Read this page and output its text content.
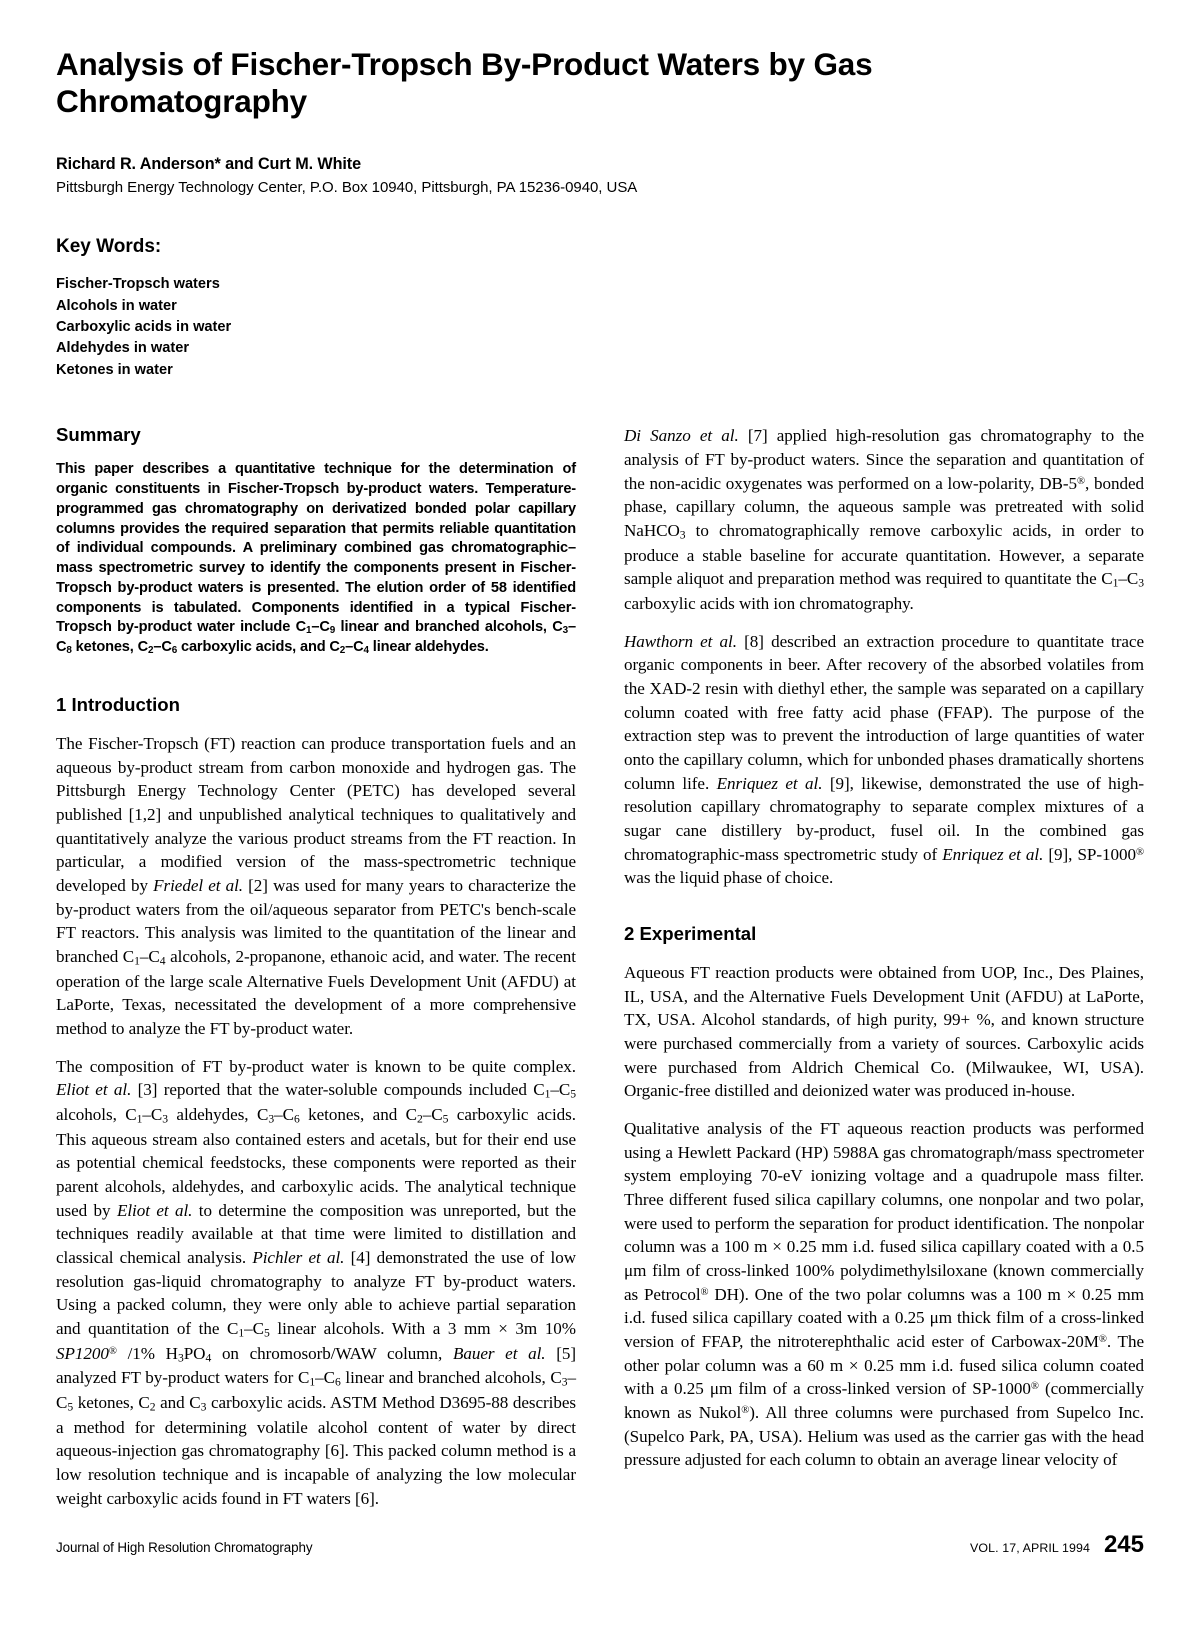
Analysis of Fischer-Tropsch By-Product Waters by Gas Chromatography
Richard R. Anderson* and Curt M. White
Pittsburgh Energy Technology Center, P.O. Box 10940, Pittsburgh, PA 15236-0940, USA
Key Words:
Fischer-Tropsch waters
Alcohols in water
Carboxylic acids in water
Aldehydes in water
Ketones in water
Summary

This paper describes a quantitative technique for the determination of organic constituents in Fischer-Tropsch by-product waters. Temperature-programmed gas chromatography on derivatized bonded polar capillary columns provides the required separation that permits reliable quantitation of individual compounds. A preliminary combined gas chromatographic–mass spectrometric survey to identify the components present in Fischer-Tropsch by-product waters is presented. The elution order of 58 identified components is tabulated. Components identified in a typical Fischer-Tropsch by-product water include $C_1-C_9$ linear and branched alcohols, $C_3-C_8$ ketones, $C_2-C_6$ carboxylic acids, and $C_2-C_4$ linear aldehydes.

1 Introduction

The Fischer-Tropsch (FT) reaction can produce transportation fuels and an aqueous by-product stream from carbon monoxide and hydrogen gas. The Pittsburgh Energy Technology Center (PETC) has developed several published [1,2] and unpublished analytical techniques to qualitatively and quantitatively analyze the various product streams from the FT reaction. In particular, a modified version of the mass-spectrometric technique developed by Friedel et al. [2] was used for many years to characterize the by-product waters from the oil/aqueous separator from PETC's bench-scale FT reactors. This analysis was limited to the quantitation of the linear and branched $C_1-C_4$ alcohols, 2-propanone, ethanoic acid, and water. The recent operation of the large scale Alternative Fuels Development Unit (AFDU) at LaPorte, Texas, necessitated the development of a more comprehensive method to analyze the FT by-product water.

The composition of FT by-product water is known to be quite complex. Eliot et al. [3] reported that the water-soluble compounds included $C_1-C_5$ alcohols, $C_1-C_3$ aldehydes, $C_3-C_6$ ketones, and $C_2-C_5$ carboxylic acids. This aqueous stream also contained esters and acetals, but for their end use as potential chemical feedstocks, these components were reported as their parent alcohols, aldehydes, and carboxylic acids. The analytical technique used by Eliot et al. to determine the composition was unreported, but the techniques readily available at that time were limited to distillation and classical chemical analysis. Pichler et al. [4] demonstrated the use of low resolution gas-liquid chromatography to analyze FT by-product waters. Using a packed column, they were only able to achieve partial separation and quantitation of the $C_1-C_5$ linear alcohols. With a 3 mm × 3m 10% SP1200® /1% $H_3PO_4$ on chromosorb/WAW column, Bauer et al. [5] analyzed FT by-product waters for $C_1-C_6$ linear and branched alcohols, $C_3-C_5$ ketones, $C_2$ and $C_3$ carboxylic acids. ASTM Method D3695-88 describes a method for determining volatile alcohol content of water by direct aqueous-injection gas chromatography [6]. This packed column method is a low resolution technique and is incapable of analyzing the low molecular weight carboxylic acids found in FT waters [6].

Di Sanzo et al. [7] applied high-resolution gas chromatography to the analysis of FT by-product waters. Since the separation and quantitation of the non-acidic oxygenates was performed on a low-polarity, DB-5®, bonded phase, capillary column, the aqueous sample was pretreated with solid NaHCO$_3$ to chromatographically remove carboxylic acids, in order to produce a stable baseline for accurate quantitation. However, a separate sample aliquot and preparation method was required to quantitate the $C_1-C_3$ carboxylic acids with ion chromatography.

Hawthorn et al. [8] described an extraction procedure to quantitate trace organic components in beer. After recovery of the absorbed volatiles from the XAD-2 resin with diethyl ether, the sample was separated on a capillary column coated with free fatty acid phase (FFAP). The purpose of the extraction step was to prevent the introduction of large quantities of water onto the capillary column, which for unbonded phases dramatically shortens column life. Enriquez et al. [9], likewise, demonstrated the use of high-resolution capillary chromatography to separate complex mixtures of a sugar cane distillery by-product, fusel oil. In the combined gas chromatographic-mass spectrometric study of Enriquez et al. [9], SP-1000® was the liquid phase of choice.

2 Experimental

Aqueous FT reaction products were obtained from UOP, Inc., Des Plaines, IL, USA, and the Alternative Fuels Development Unit (AFDU) at LaPorte, TX, USA. Alcohol standards, of high purity, 99+ %, and known structure were purchased commercially from a variety of sources. Carboxylic acids were purchased from Aldrich Chemical Co. (Milwaukee, WI, USA). Organic-free distilled and deionized water was produced in-house.

Qualitative analysis of the FT aqueous reaction products was performed using a Hewlett Packard (HP) 5988A gas chromatograph/mass spectrometer system employing 70-eV ionizing voltage and a quadrupole mass filter. Three different fused silica capillary columns, one nonpolar and two polar, were used to perform the separation for product identification. The nonpolar column was a 100 m × 0.25 mm i.d. fused silica capillary coated with a 0.5 μm film of cross-linked 100% polydimethylsiloxane (known commercially as Petrocol® DH). One of the two polar columns was a 100 m × 0.25 mm i.d. fused silica capillary coated with a 0.25 μm thick film of a cross-linked version of FFAP, the nitroterephthalic acid ester of Carbowax-20M®. The other polar column was a 60 m × 0.25 mm i.d. fused silica column coated with a 0.25 μm film of a cross-linked version of SP-1000® (commercially known as Nukol®). All three columns were purchased from Supelco Inc. (Supelco Park, PA, USA). Helium was used as the carrier gas with the head pressure adjusted for each column to obtain an average linear velocity of

Journal of High Resolution Chromatography	VOL. 17, APRIL 1994 245
